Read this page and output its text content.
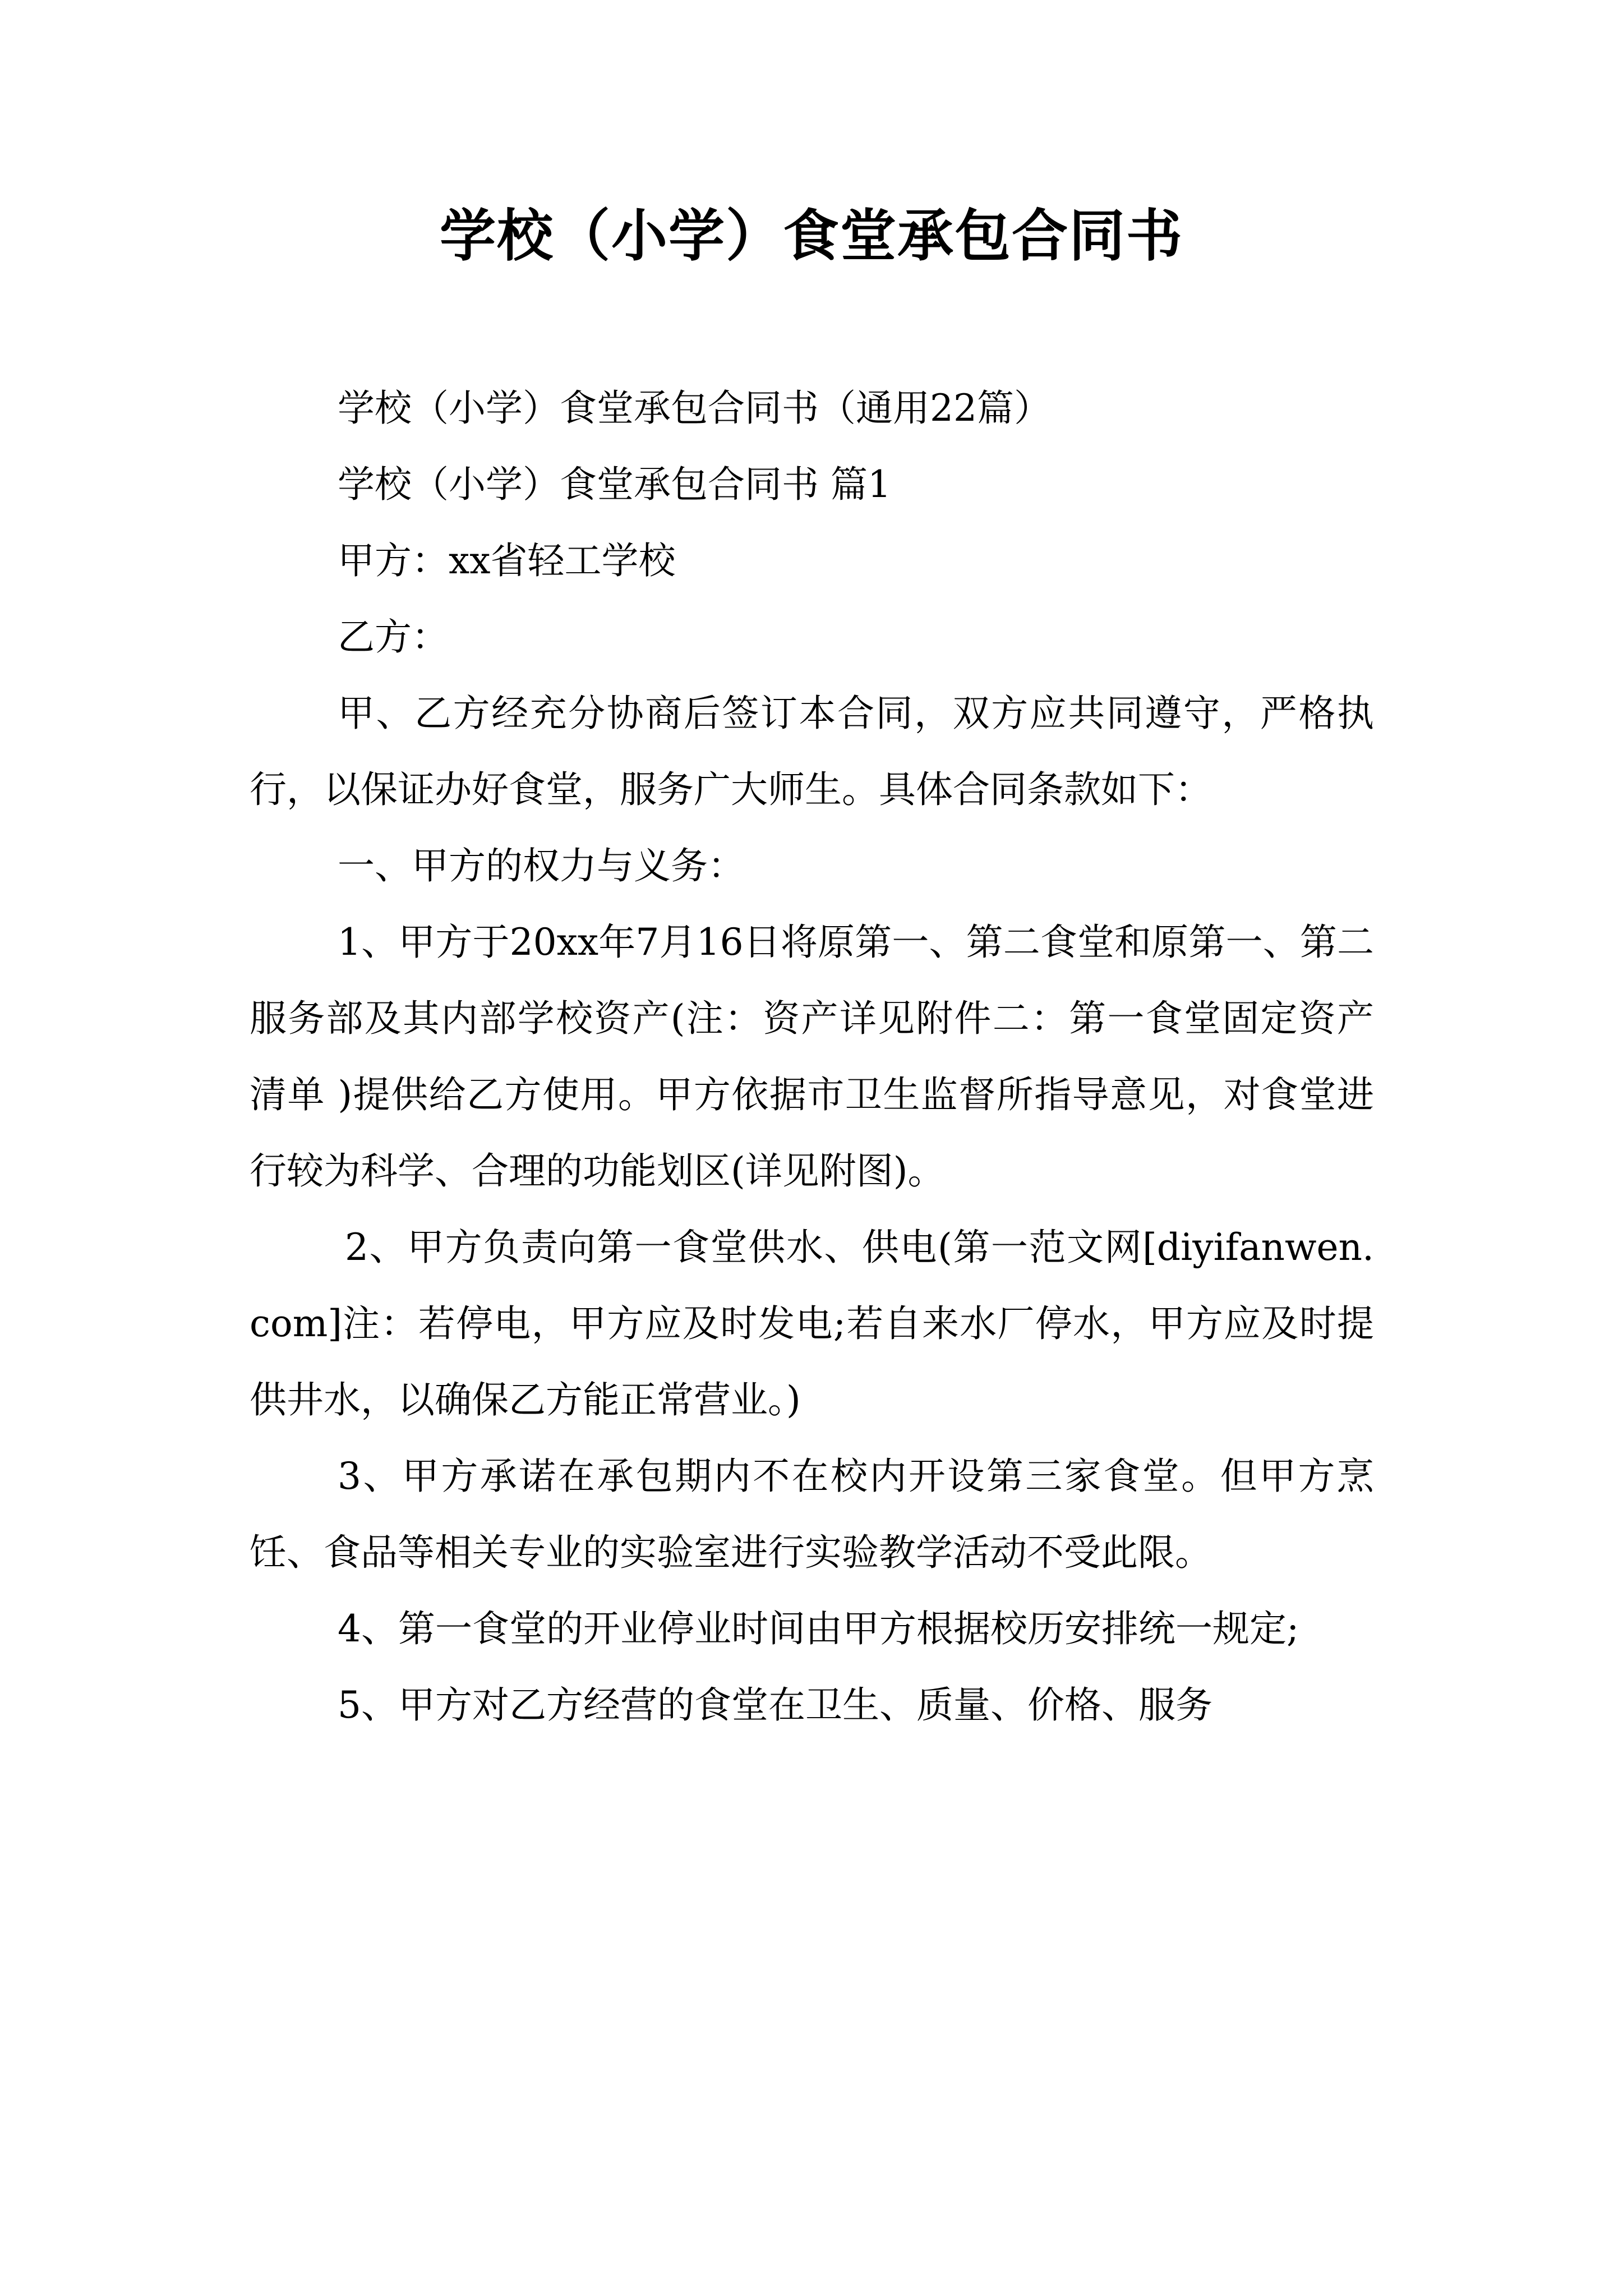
学校（小学）食堂承包合同书

学校（小学）食堂承包合同书（通用22篇）

学校（小学）食堂承包合同书 篇1

甲方：xx省轻工学校

乙方：

甲、乙方经充分协商后签订本合同，双方应共同遵守，严格执行，以保证办好食堂，服务广大师生。具体合同条款如下：

一、甲方的权力与义务：

1、甲方于20xx年7月16日将原第一、第二食堂和原第一、第二服务部及其内部学校资产(注：资产详见附件二：第一食堂固定资产清单 )提供给乙方使用。甲方依据市卫生监督所指导意见，对食堂进行较为科学、合理的功能划区(详见附图)。

2、甲方负责向第一食堂供水、供电(第一范文网[diyifanwen.com]注：若停电，甲方应及时发电;若自来水厂停水，甲方应及时提供井水，以确保乙方能正常营业。)

3、甲方承诺在承包期内不在校内开设第三家食堂。但甲方烹饪、食品等相关专业的实验室进行实验教学活动不受此限。

4、第一食堂的开业停业时间由甲方根据校历安排统一规定;

5、甲方对乙方经营的食堂在卫生、质量、价格、服务
